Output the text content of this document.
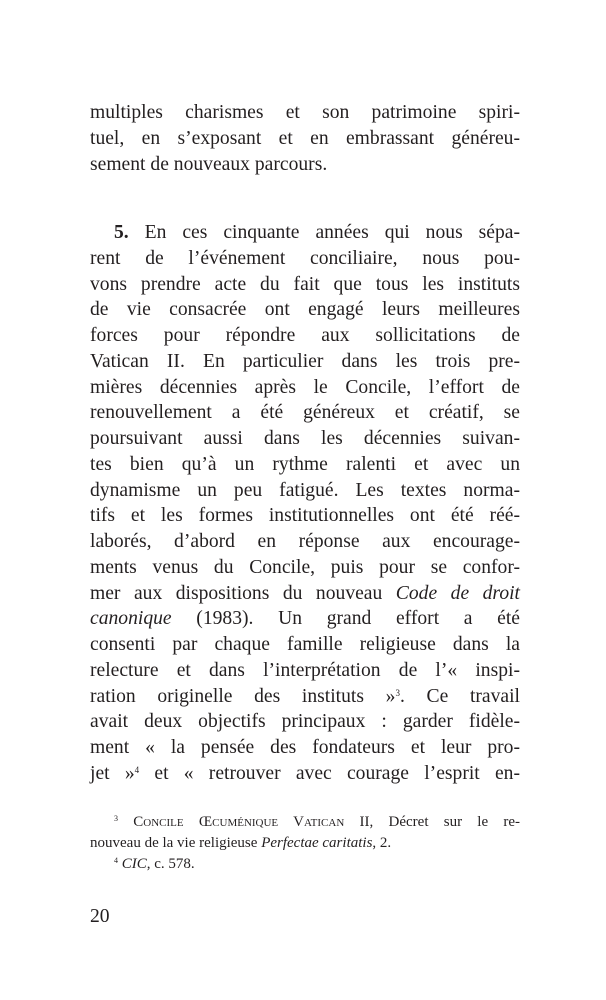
multiples charismes et son patrimoine spiri-
tuel, en s’exposant et en embrassant généreu-
sement de nouveaux parcours.
5. En ces cinquante années qui nous sépa-
rent de l’événement conciliaire, nous pou-
vons prendre acte du fait que tous les instituts
de vie consacrée ont engagé leurs meilleures
forces pour répondre aux sollicitations de
Vatican II. En particulier dans les trois pre-
mières décennies après le Concile, l’effort de
renouvellement a été généreux et créatif, se
poursuivant aussi dans les décennies suivan-
tes bien qu’à un rythme ralenti et avec un
dynamisme un peu fatigué. Les textes norma-
tifs et les formes institutionnelles ont été réé-
laborés, d’abord en réponse aux encourage-
ments venus du Concile, puis pour se confor-
mer aux dispositions du nouveau Code de droit
canonique (1983). Un grand effort a été
consenti par chaque famille religieuse dans la
relecture et dans l’interprétation de l’« inspi-
ration originelle des instituts »$^3$. Ce travail
avait deux objectifs principaux : garder fidèle-
ment « la pensée des fondateurs et leur pro-
jet »$^4$ et « retrouver avec courage l’esprit en-
$^3$ Concile Œcuménique Vatican II, Décret sur le re-
nouveau de la vie religieuse Perfectae caritatis, 2.
$^4$ CIC, c. 578.
20
